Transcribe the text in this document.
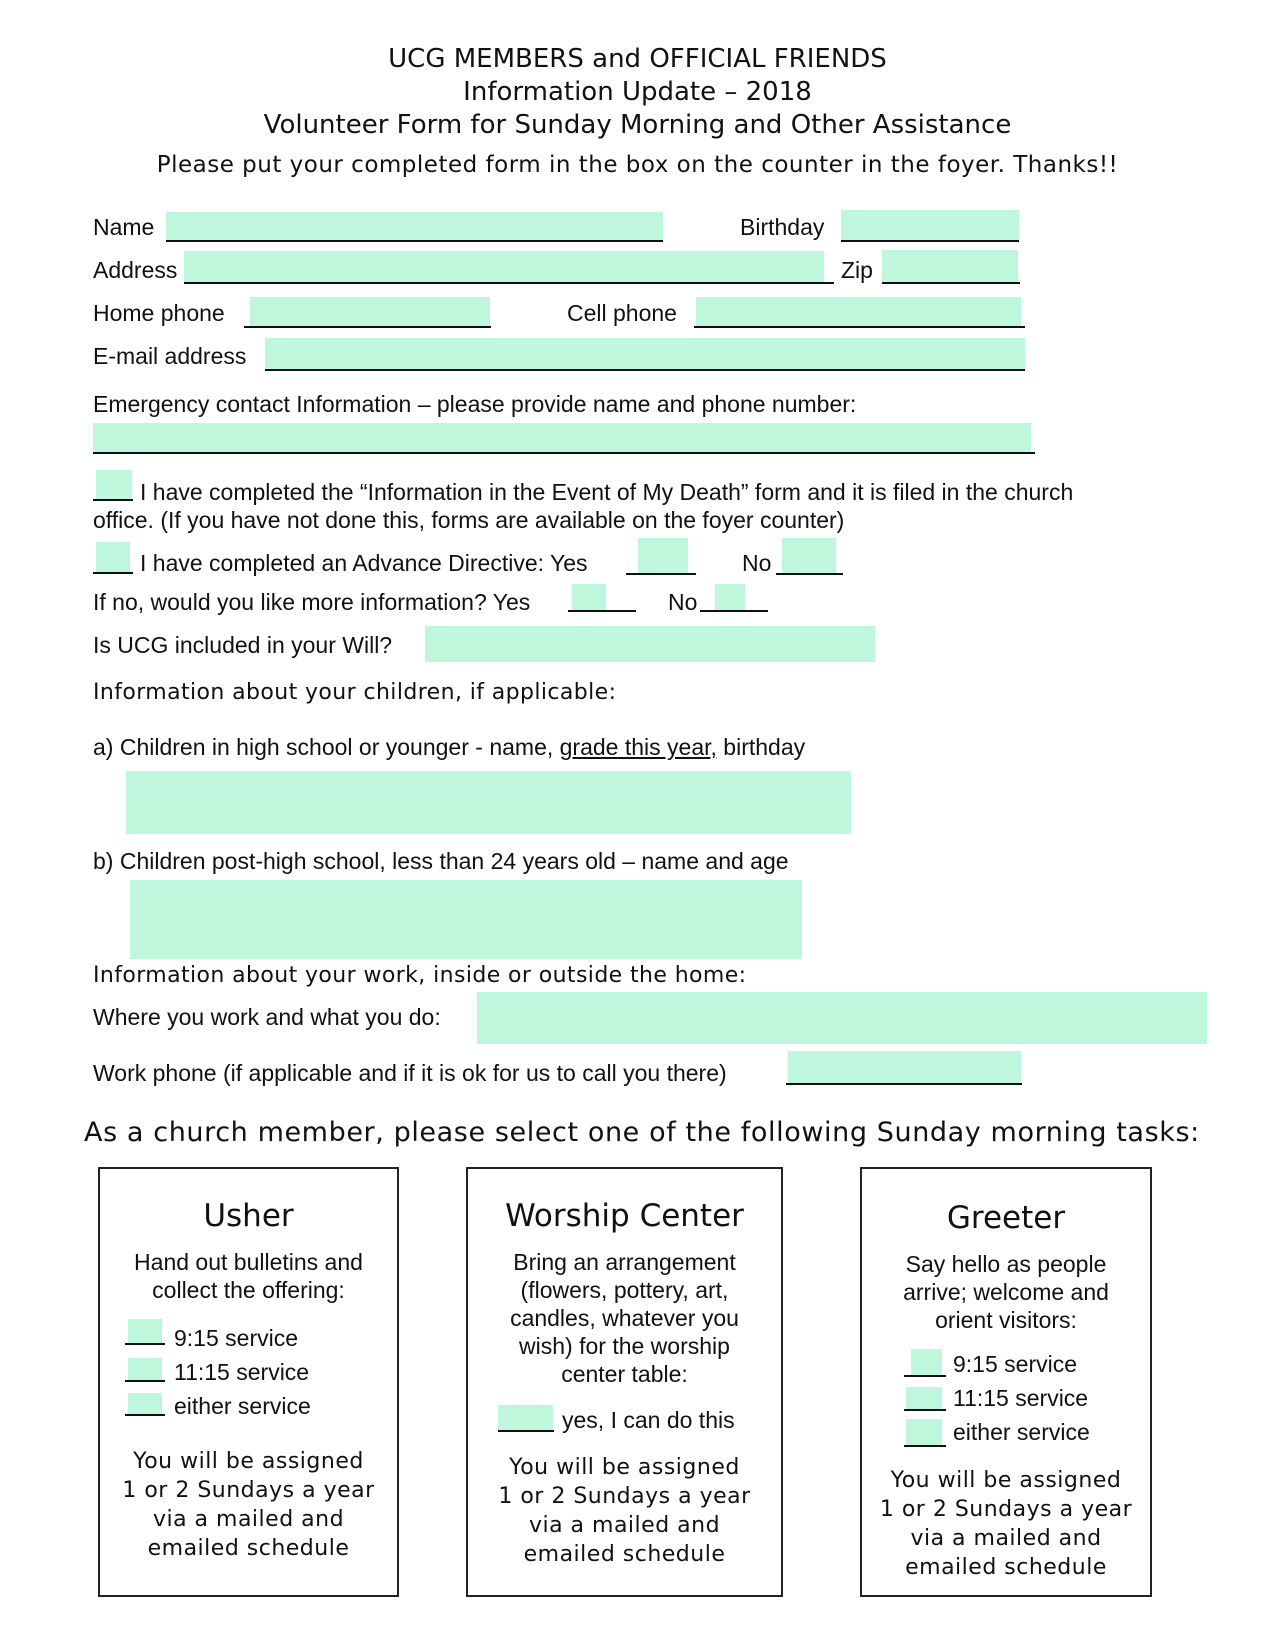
UCG MEMBERS and OFFICIAL FRIENDS
Information Update – 2018
Volunteer Form for Sunday Morning and Other Assistance
Please put your completed form in the box on the counter in the foyer. Thanks!!
Name	Birthday
Address	Zip
Home phone	Cell phone
E-mail address
Emergency contact Information – please provide name and phone number:
I have completed the “Information in the Event of My Death” form and it is filed in the church
office. (If you have not done this, forms are available on the foyer counter)
I have completed an Advance Directive: Yes	No
If no, would you like more information? Yes	No
Is UCG included in your Will?
Information about your children, if applicable:
a) Children in high school or younger - name, grade this year, birthday
b) Children post-high school, less than 24 years old – name and age
Information about your work, inside or outside the home:
Where you work and what you do:
Work phone (if applicable and if it is ok for us to call you there)
As a church member, please select one of the following Sunday morning tasks:
Usher
Hand out bulletins and
collect the offering:
9:15 service
11:15 service
either service
You will be assigned
1 or 2 Sundays a year
via a mailed and
emailed schedule
Worship Center
Bring an arrangement
(flowers, pottery, art,
candles, whatever you
wish) for the worship
center table:
yes, I can do this
You will be assigned
1 or 2 Sundays a year
via a mailed and
emailed schedule
Greeter
Say hello as people
arrive; welcome and
orient visitors:
9:15 service
11:15 service
either service
You will be assigned
1 or 2 Sundays a year
via a mailed and
emailed schedule
